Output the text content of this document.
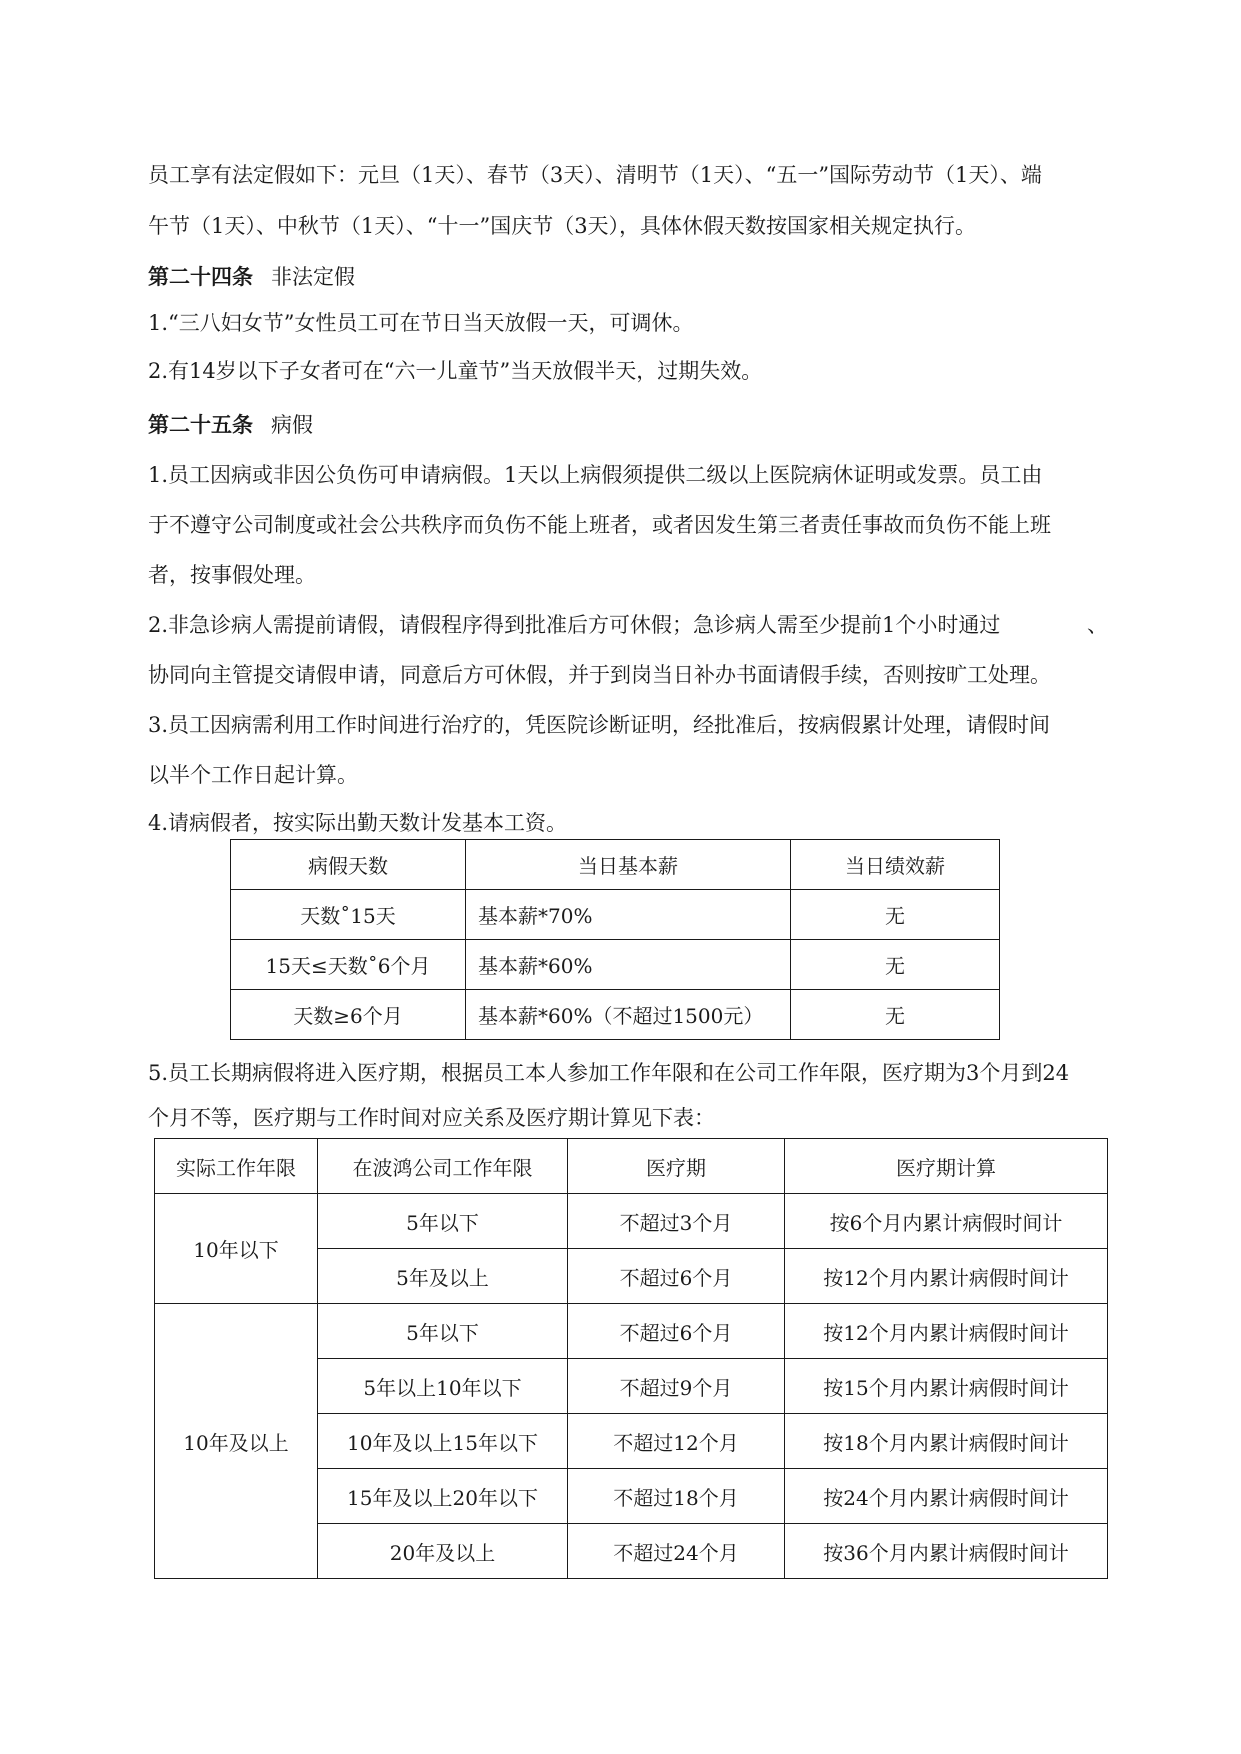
员工享有法定假如下：元旦（1天）、春节（3天）、清明节（1天）、“五一”国际劳动节（1天）、端
午节（1天）、中秋节（1天）、“十一”国庆节（3天），具体休假天数按国家相关规定执行。
第二十四条 非法定假
1.“三八妇女节”女性员工可在节日当天放假一天，可调休。
2.有14岁以下子女者可在“六一儿童节”当天放假半天，过期失效。
第二十五条 病假
1.员工因病或非因公负伤可申请病假。1天以上病假须提供二级以上医院病休证明或发票。员工由
于不遵守公司制度或社会公共秩序而负伤不能上班者，或者因发生第三者责任事故而负伤不能上班
者，按事假处理。
2.非急诊病人需提前请假，请假程序得到批准后方可休假；急诊病人需至少提前1个小时通过	、
协同向主管提交请假申请，同意后方可休假，并于到岗当日补办书面请假手续，否则按旷工处理。
3.员工因病需利用工作时间进行治疗的，凭医院诊断证明，经批准后，按病假累计处理，请假时间
以半个工作日起计算。
4.请病假者，按实际出勤天数计发基本工资。
病假天数	当日基本薪	当日绩效薪
天数˚15天	基本薪*70%	无
15天≤天数˚6个月	基本薪*60%	无
天数≥6个月	基本薪*60%（不超过1500元）	无
5.员工长期病假将进入医疗期，根据员工本人参加工作年限和在公司工作年限，医疗期为3个月到24
个月不等，医疗期与工作时间对应关系及医疗期计算见下表：
实际工作年限	在波鸿公司工作年限	医疗期	医疗期计算
10年以下	5年以下	不超过3个月	按6个月内累计病假时间计
	5年及以上	不超过6个月	按12个月内累计病假时间计
10年及以上	5年以下	不超过6个月	按12个月内累计病假时间计
	5年以上10年以下	不超过9个月	按15个月内累计病假时间计
	10年及以上15年以下	不超过12个月	按18个月内累计病假时间计
	15年及以上20年以下	不超过18个月	按24个月内累计病假时间计
	20年及以上	不超过24个月	按36个月内累计病假时间计
